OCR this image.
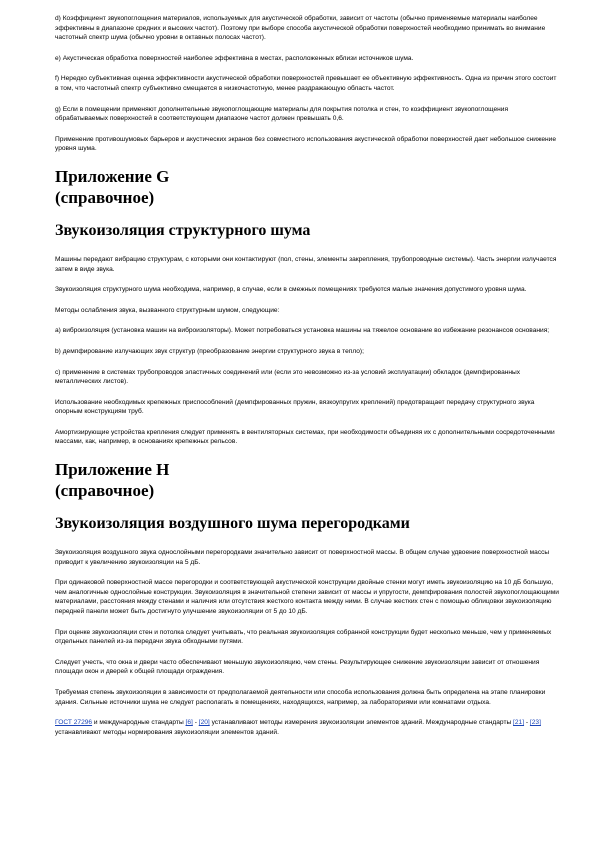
d) Коэффициент звукопоглощения материалов, используемых для акустической обработки, зависит от частоты (обычно применяемые материалы наиболее эффективны в диапазоне средних и высоких частот). Поэтому при выборе способа акустической обработки поверхностей необходимо принимать во внимание частотный спектр шума (обычно уровни в октавных полосах частот).

e) Акустическая обработка поверхностей наиболее эффективна в местах, расположенных вблизи источников шума.

f) Нередко субъективная оценка эффективности акустической обработки поверхностей превышает ее объективную эффективность. Одна из причин этого состоит в том, что частотный спектр субъективно смещается в низкочастотную, менее раздражающую область частот.

g) Если в помещении применяют дополнительные звукопоглощающие материалы для покрытия потолка и стен, то коэффициент звукопоглощения обрабатываемых поверхностей в соответствующем диапазоне частот должен превышать 0,6.

Применение противошумовых барьеров и акустических экранов без совместного использования акустической обработки поверхностей дает небольшое снижение уровня шума.

Приложение G
(справочное)
Звукоизоляция структурного шума

Машины передают вибрацию структурам, с которыми они контактируют (пол, стены, элементы закрепления, трубопроводные системы). Часть энергии излучается затем в виде звука.

Звукоизоляция структурного шума необходима, например, в случае, если в смежных помещениях требуются малые значения допустимого уровня шума.

Методы ослабления звука, вызванного структурным шумом, следующие:

a) виброизоляция (установка машин на виброизоляторы). Может потребоваться установка машины на тяжелое основание во избежание резонансов основания;

b) демпфирование излучающих звук структур (преобразование энергии структурного звука в тепло);

c) применение в системах трубопроводов эластичных соединений или (если это невозможно из-за условий эксплуатации) обкладок (демпфированных металлических листов).

Использование необходимых крепежных приспособлений (демпфированных пружин, вязкоупругих креплений) предотвращает передачу структурного звука опорным конструкциям труб.

Амортизирующие устройства крепления следует применять в вентиляторных системах, при необходимости объединяя их с дополнительными сосредоточенными массами, как, например, в основаниях крепежных рельсов.

Приложение H
(справочное)
Звукоизоляция воздушного шума перегородками

Звукоизоляция воздушного звука однослойными перегородками значительно зависит от поверхностной массы. В общем случае удвоение поверхностной массы приводит к увеличению звукоизоляции на 5 дБ.

При одинаковой поверхностной массе перегородки и соответствующей акустической конструкции двойные стенки могут иметь звукоизоляцию на 10 дБ большую, чем аналогичные однослойные конструкции. Звукоизоляция в значительной степени зависит от массы и упругости, демпфирования полостей звукопоглощающими материалами, расстояния между стенами и наличия или отсутствия жесткого контакта между ними. В случае жестких стен с помощью облицовки звукоизоляцию передней панели может быть достигнуто улучшение звукоизоляции от 5 до 10 дБ.

При оценке звукоизоляции стен и потолка следует учитывать, что реальная звукоизоляция собранной конструкции будет несколько меньше, чем у применяемых отдельных панелей из-за передачи звука обходными путями.

Следует учесть, что окна и двери часто обеспечивают меньшую звукоизоляцию, чем стены. Результирующее снижение звукоизоляции зависит от отношения площади окон и дверей к общей площади ограждения.

Требуемая степень звукоизоляции в зависимости от предполагаемой деятельности или способа использования должна быть определена на этапе планировки здания. Сильные источники шума не следует располагать в помещениях, находящихся, например, за лабораториями или комнатами отдыха.

ГОСТ 27296 и международные стандарты [6] - [20] устанавливают методы измерения звукоизоляции элементов зданий. Международные стандарты [21] - [23] устанавливают методы нормирования звукоизоляции элементов зданий.
